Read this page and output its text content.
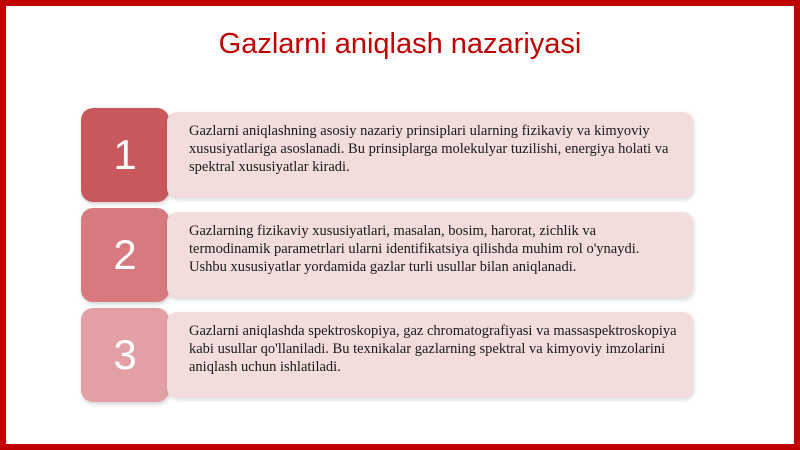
Gazlarni aniqlash nazariyasi
1	Gazlarni aniqlashning asosiy nazariy prinsiplari ularning fizikaviy va kimyoviy xususiyatlariga asoslanadi. Bu prinsiplarga molekulyar tuzilishi, energiya holati va spektral xususiyatlar kiradi.
2	Gazlarning fizikaviy xususiyatlari, masalan, bosim, harorat, zichlik va termodinamik parametrlari ularni identifikatsiya qilishda muhim rol o'ynaydi. Ushbu xususiyatlar yordamida gazlar turli usullar bilan aniqlanadi.
3	Gazlarni aniqlashda spektroskopiya, gaz chromatografiyasi va massaspektroskopiya kabi usullar qo'llaniladi. Bu texnikalar gazlarning spektral va kimyoviy imzolarini aniqlash uchun ishlatiladi.
